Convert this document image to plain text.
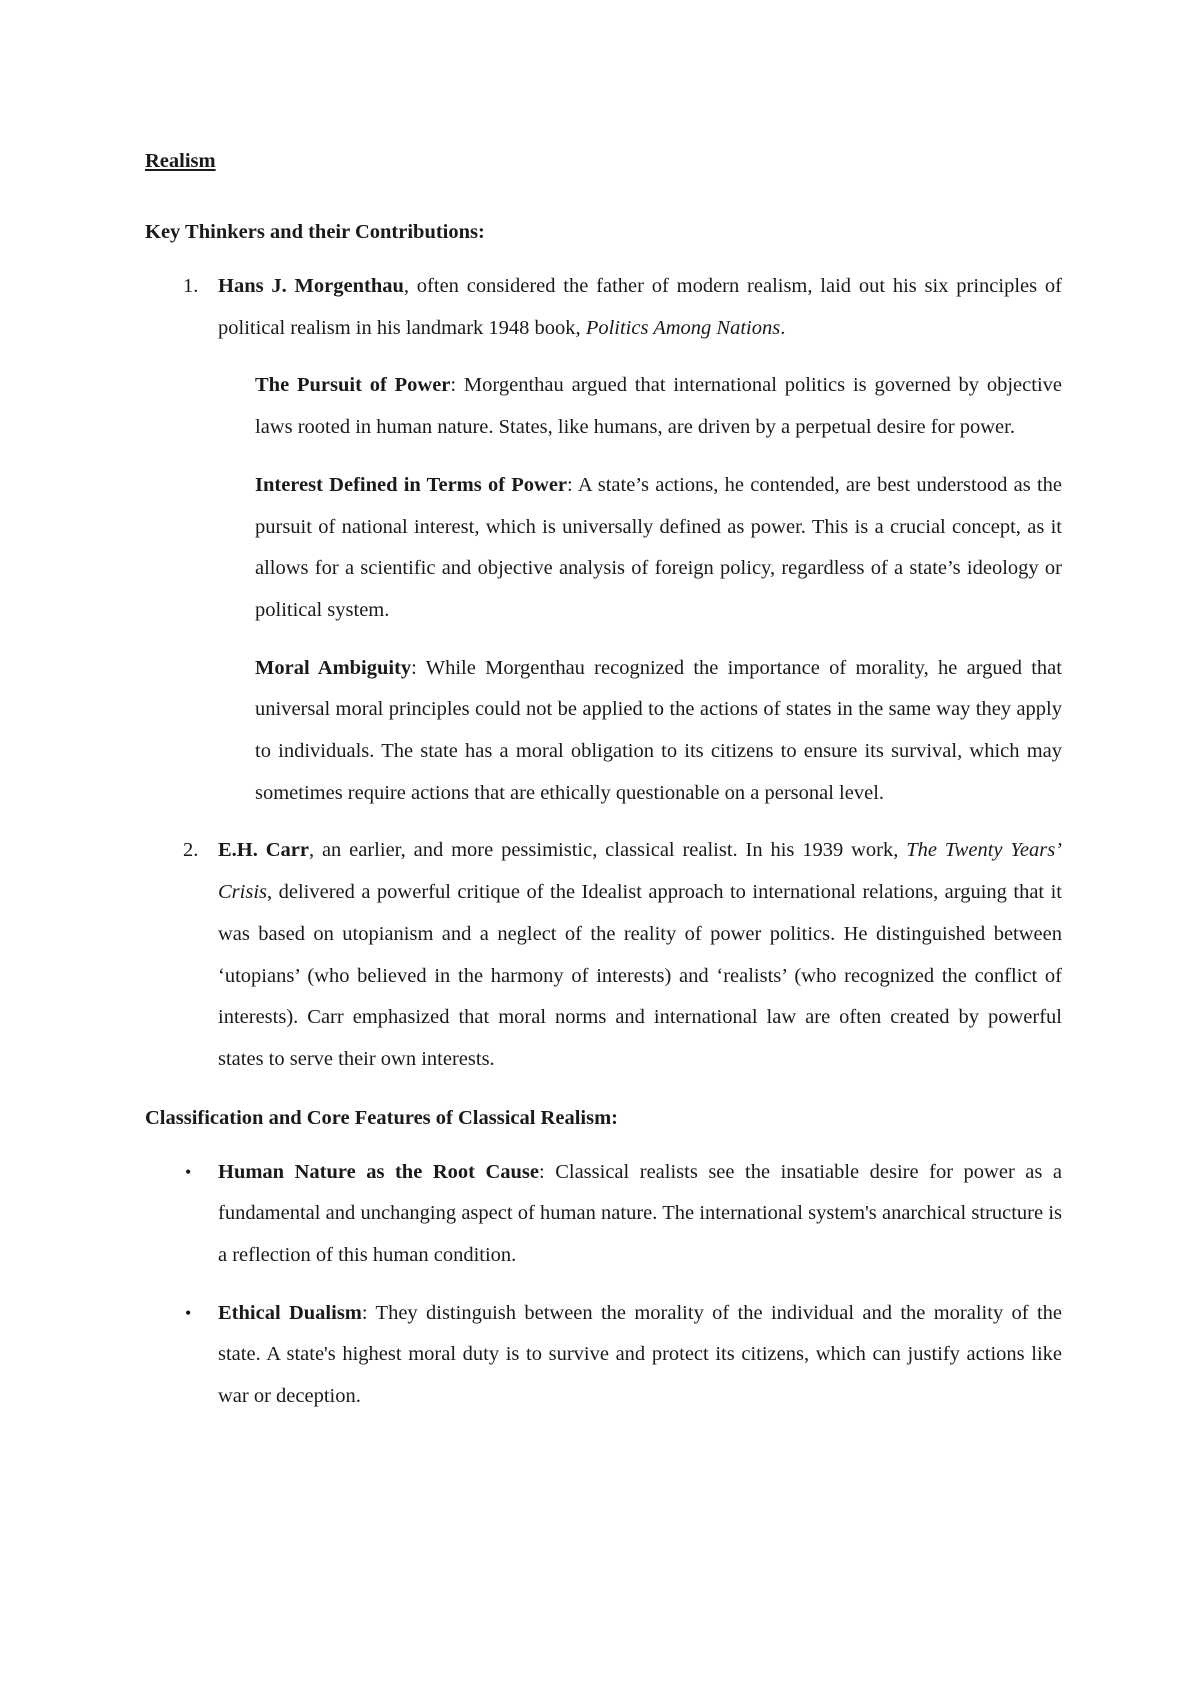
Realism
Key Thinkers and their Contributions:
1. Hans J. Morgenthau, often considered the father of modern realism, laid out his six principles of political realism in his landmark 1948 book, Politics Among Nations.
The Pursuit of Power: Morgenthau argued that international politics is governed by objective laws rooted in human nature. States, like humans, are driven by a perpetual desire for power.
Interest Defined in Terms of Power: A state’s actions, he contended, are best understood as the pursuit of national interest, which is universally defined as power. This is a crucial concept, as it allows for a scientific and objective analysis of foreign policy, regardless of a state’s ideology or political system.
Moral Ambiguity: While Morgenthau recognized the importance of morality, he argued that universal moral principles could not be applied to the actions of states in the same way they apply to individuals. The state has a moral obligation to its citizens to ensure its survival, which may sometimes require actions that are ethically questionable on a personal level.
2. E.H. Carr, an earlier, and more pessimistic, classical realist. In his 1939 work, The Twenty Years’ Crisis, delivered a powerful critique of the Idealist approach to international relations, arguing that it was based on utopianism and a neglect of the reality of power politics. He distinguished between ‘utopians’ (who believed in the harmony of interests) and ‘realists’ (who recognized the conflict of interests). Carr emphasized that moral norms and international law are often created by powerful states to serve their own interests.
Classification and Core Features of Classical Realism:
• Human Nature as the Root Cause: Classical realists see the insatiable desire for power as a fundamental and unchanging aspect of human nature. The international system's anarchical structure is a reflection of this human condition.
• Ethical Dualism: They distinguish between the morality of the individual and the morality of the state. A state's highest moral duty is to survive and protect its citizens, which can justify actions like war or deception.
